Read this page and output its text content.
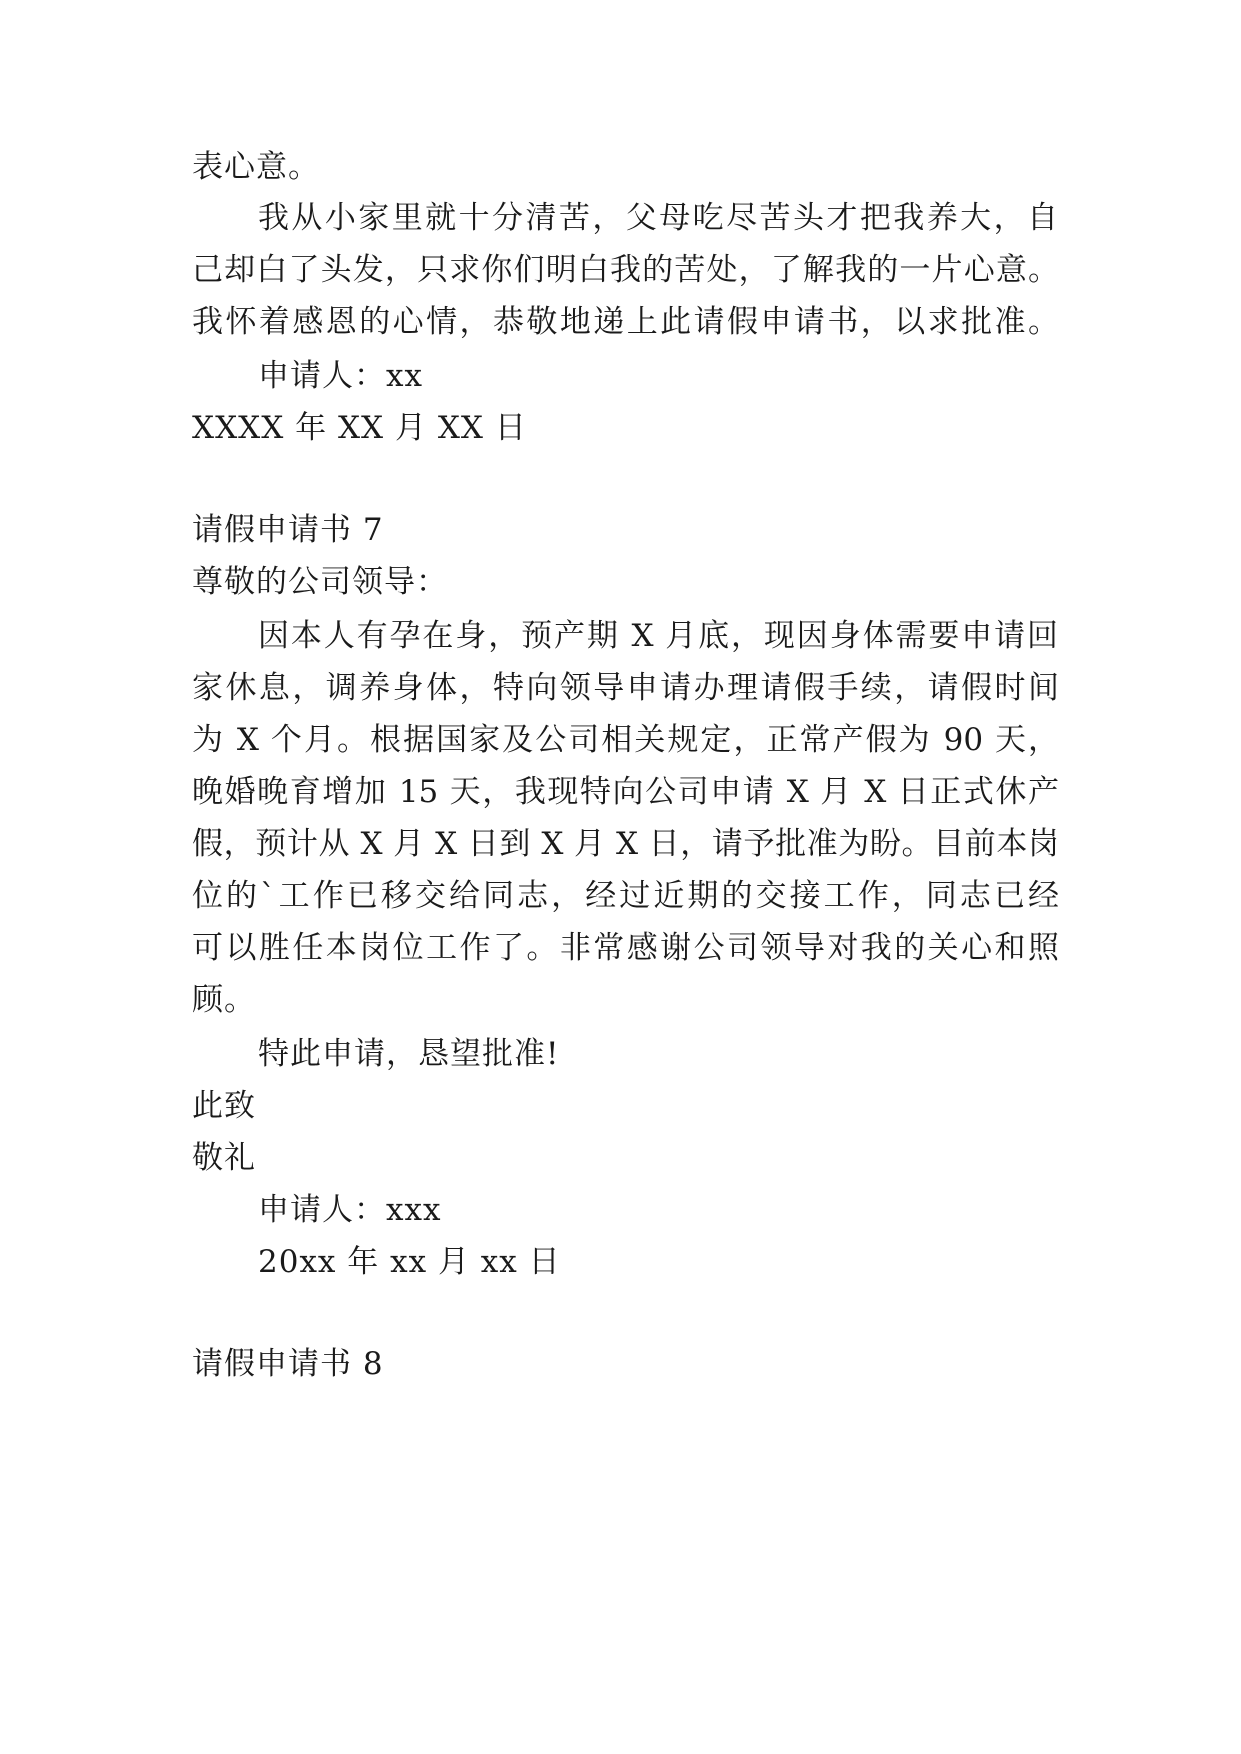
表心意。
我从小家里就十分清苦，父母吃尽苦头才把我养大，自
己却白了头发，只求你们明白我的苦处，了解我的一片心意。
我怀着感恩的心情，恭敬地递上此请假申请书，以求批准。
申请人：xx
XXXX 年 XX 月 XX 日
请假申请书 7
尊敬的公司领导：
因本人有孕在身，预产期 X 月底，现因身体需要申请回
家休息，调养身体，特向领导申请办理请假手续，请假时间
为 X 个月。根据国家及公司相关规定，正常产假为 90 天，
晚婚晚育增加 15 天，我现特向公司申请 X 月 X 日正式休产
假，预计从 X 月 X 日到 X 月 X 日，请予批准为盼。目前本岗
位的`工作已移交给同志，经过近期的交接工作，同志已经
可以胜任本岗位工作了。非常感谢公司领导对我的关心和照
顾。
特此申请，恳望批准!
此致
敬礼
申请人：xxx
20xx 年 xx 月 xx 日
请假申请书 8
